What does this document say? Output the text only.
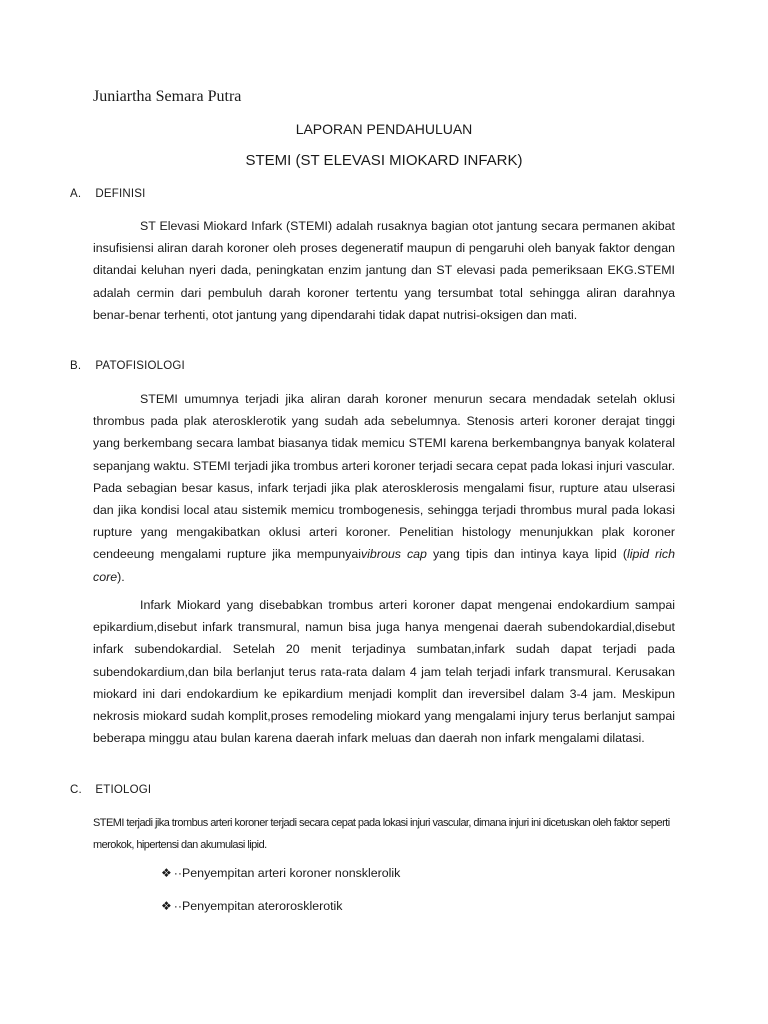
Juniartha Semara Putra
LAPORAN PENDAHULUAN
STEMI (ST ELEVASI MIOKARD INFARK)
A. DEFINISI

ST Elevasi Miokard Infark (STEMI) adalah rusaknya bagian otot jantung secara permanen akibat insufisiensi aliran darah koroner oleh proses degeneratif maupun di pengaruhi oleh banyak faktor dengan ditandai keluhan nyeri dada, peningkatan enzim jantung dan ST elevasi pada pemeriksaan EKG.STEMI adalah cermin dari pembuluh darah koroner tertentu yang tersumbat total sehingga aliran darahnya benar-benar terhenti, otot jantung yang dipendarahi tidak dapat nutrisi-oksigen dan mati.

B. PATOFISIOLOGI

STEMI umumnya terjadi jika aliran darah koroner menurun secara mendadak setelah oklusi thrombus pada plak aterosklerotik yang sudah ada sebelumnya. Stenosis arteri koroner derajat tinggi yang berkembang secara lambat biasanya tidak memicu STEMI karena berkembangnya banyak kolateral sepanjang waktu. STEMI terjadi jika trombus arteri koroner terjadi secara cepat pada lokasi injuri vascular. Pada sebagian besar kasus, infark terjadi jika plak aterosklerosis mengalami fisur, rupture atau ulserasi dan jika kondisi local atau sistemik memicu trombogenesis, sehingga terjadi thrombus mural pada lokasi rupture yang mengakibatkan oklusi arteri koroner. Penelitian histology menunjukkan plak koroner cendeeung mengalami rupture jika mempunyaivibrous cap yang tipis dan intinya kaya lipid (lipid rich core).

Infark Miokard yang disebabkan trombus arteri koroner dapat mengenai endokardium sampai epikardium,disebut infark transmural, namun bisa juga hanya mengenai daerah subendokardial,disebut infark subendokardial. Setelah 20 menit terjadinya sumbatan,infark sudah dapat terjadi pada subendokardium,dan bila berlanjut terus rata-rata dalam 4 jam telah terjadi infark transmural. Kerusakan miokard ini dari endokardium ke epikardium menjadi komplit dan ireversibel dalam 3-4 jam. Meskipun nekrosis miokard sudah komplit,proses remodeling miokard yang mengalami injury terus berlanjut sampai beberapa minggu atau bulan karena daerah infark meluas dan daerah non infark mengalami dilatasi.

C. ETIOLOGI

STEMI terjadi jika trombus arteri koroner terjadi secara cepat pada lokasi injuri vascular, dimana injuri ini dicetuskan oleh faktor seperti merokok, hipertensi dan akumulasi lipid.

❖ ··Penyempitan arteri koroner nonsklerolik
❖ ··Penyempitan aterorosklerotik
